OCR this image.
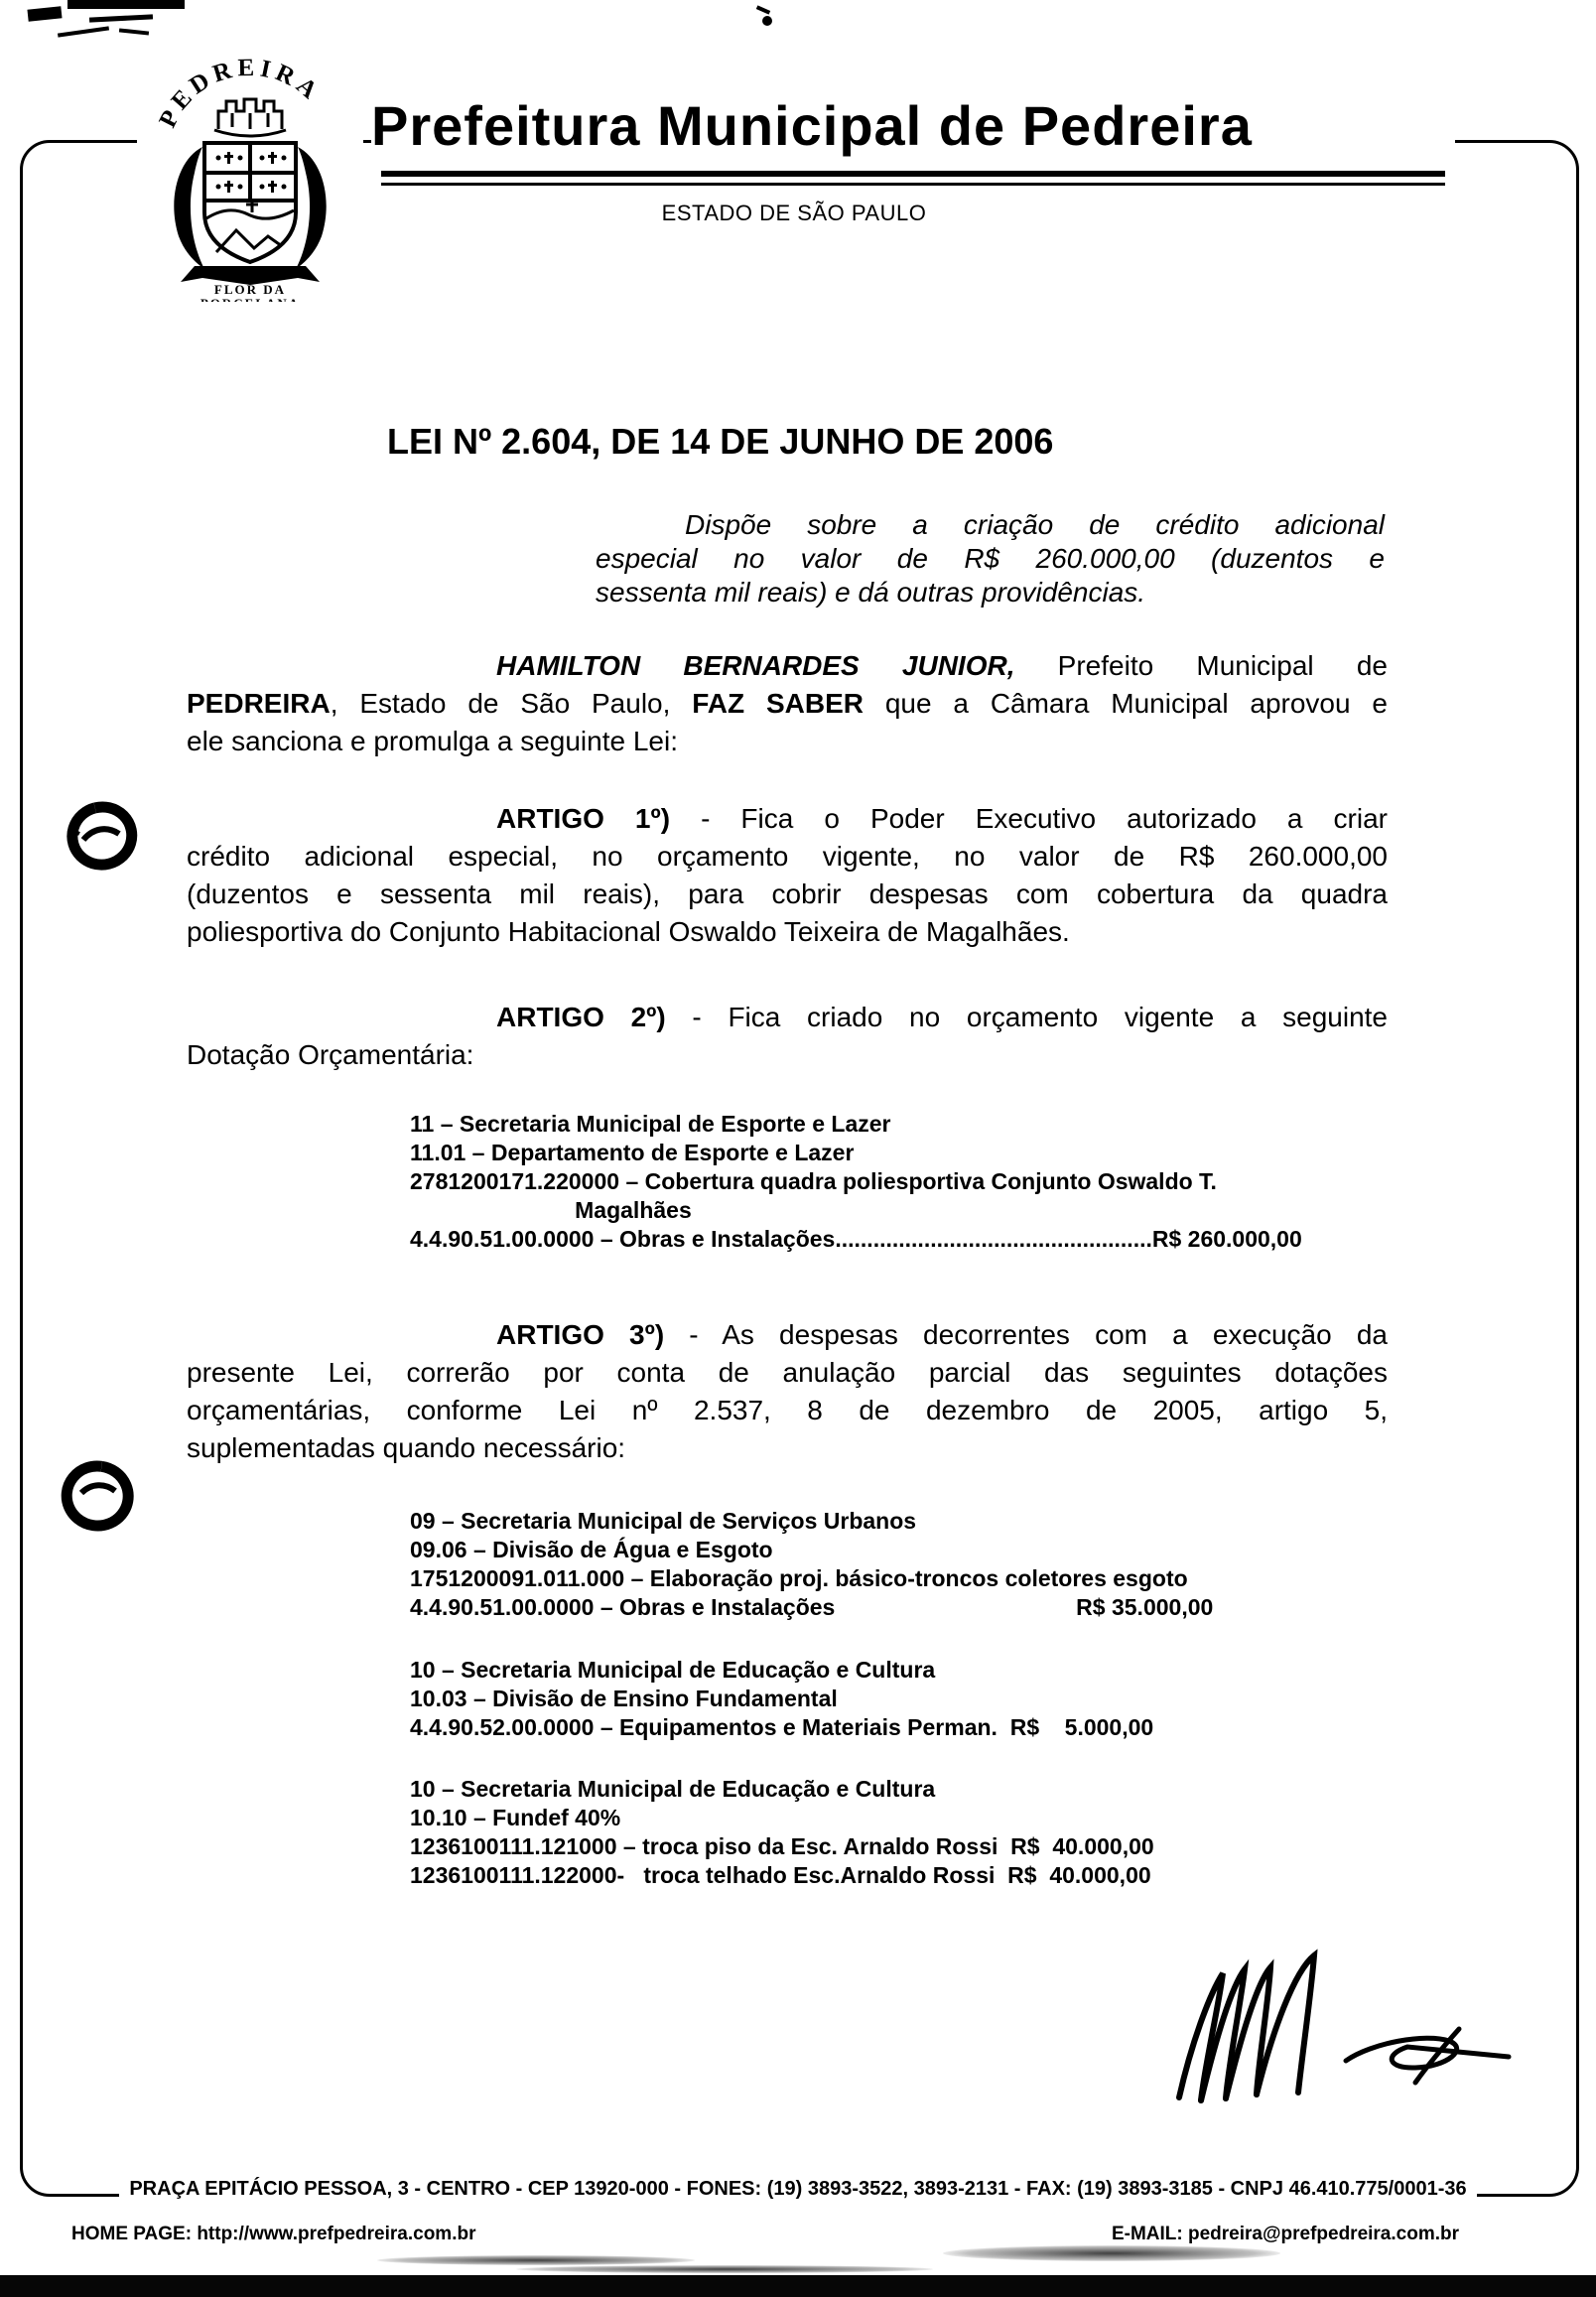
PEDREIRA
FLOR DA
Prefeitura Municipal de Pedreira
ESTADO DE SÃO PAULO
LEI Nº 2.604, DE 14 DE JUNHO DE 2006
Dispõe sobre a criação de crédito adicional
especial no valor de R$ 260.000,00 (duzentos e
sessenta mil reais) e dá outras providências.
HAMILTON BERNARDES JUNIOR, Prefeito Municipal de
PEDREIRA, Estado de São Paulo, FAZ SABER que a Câmara Municipal aprovou e
ele sanciona e promulga a seguinte Lei:
ARTIGO 1º) - Fica o Poder Executivo autorizado a criar
crédito adicional especial, no orçamento vigente, no valor de R$ 260.000,00
(duzentos e sessenta mil reais), para cobrir despesas com cobertura da quadra
poliesportiva do Conjunto Habitacional Oswaldo Teixeira de Magalhães.
ARTIGO 2º) - Fica criado no orçamento vigente a seguinte
Dotação Orçamentária:
11 – Secretaria Municipal de Esporte e Lazer
11.01 – Departamento de Esporte e Lazer
2781200171.220000 – Cobertura quadra poliesportiva Conjunto Oswaldo T.
Magalhães
4.4.90.51.00.0000 – Obras e Instalações..................................................R$ 260.000,00
ARTIGO 3º) - As despesas decorrentes com a execução da
presente Lei, correrão por conta de anulação parcial das seguintes dotações
orçamentárias, conforme Lei nº 2.537, 8 de dezembro de 2005, artigo 5,
suplementadas quando necessário:
09 – Secretaria Municipal de Serviços Urbanos
09.06 – Divisão de Água e Esgoto
1751200091.011.000 – Elaboração proj. básico-troncos coletores esgoto
4.4.90.51.00.0000 – Obras e Instalações                                      R$ 35.000,00
10 – Secretaria Municipal de Educação e Cultura
10.03 – Divisão de Ensino Fundamental
4.4.90.52.00.0000 – Equipamentos e Materiais Perman.  R$    5.000,00
10 – Secretaria Municipal de Educação e Cultura
10.10 – Fundef 40%
1236100111.121000 – troca piso da Esc. Arnaldo Rossi  R$  40.000,00
1236100111.122000-   troca telhado Esc.Arnaldo Rossi  R$  40.000,00
PRAÇA EPITÁCIO PESSOA, 3 - CENTRO - CEP 13920-000 - FONES: (19) 3893-3522, 3893-2131 - FAX: (19) 3893-3185 - CNPJ 46.410.775/0001-36
HOME PAGE: http://www.prefpedreira.com.br	E-MAIL: pedreira@prefpedreira.com.br
